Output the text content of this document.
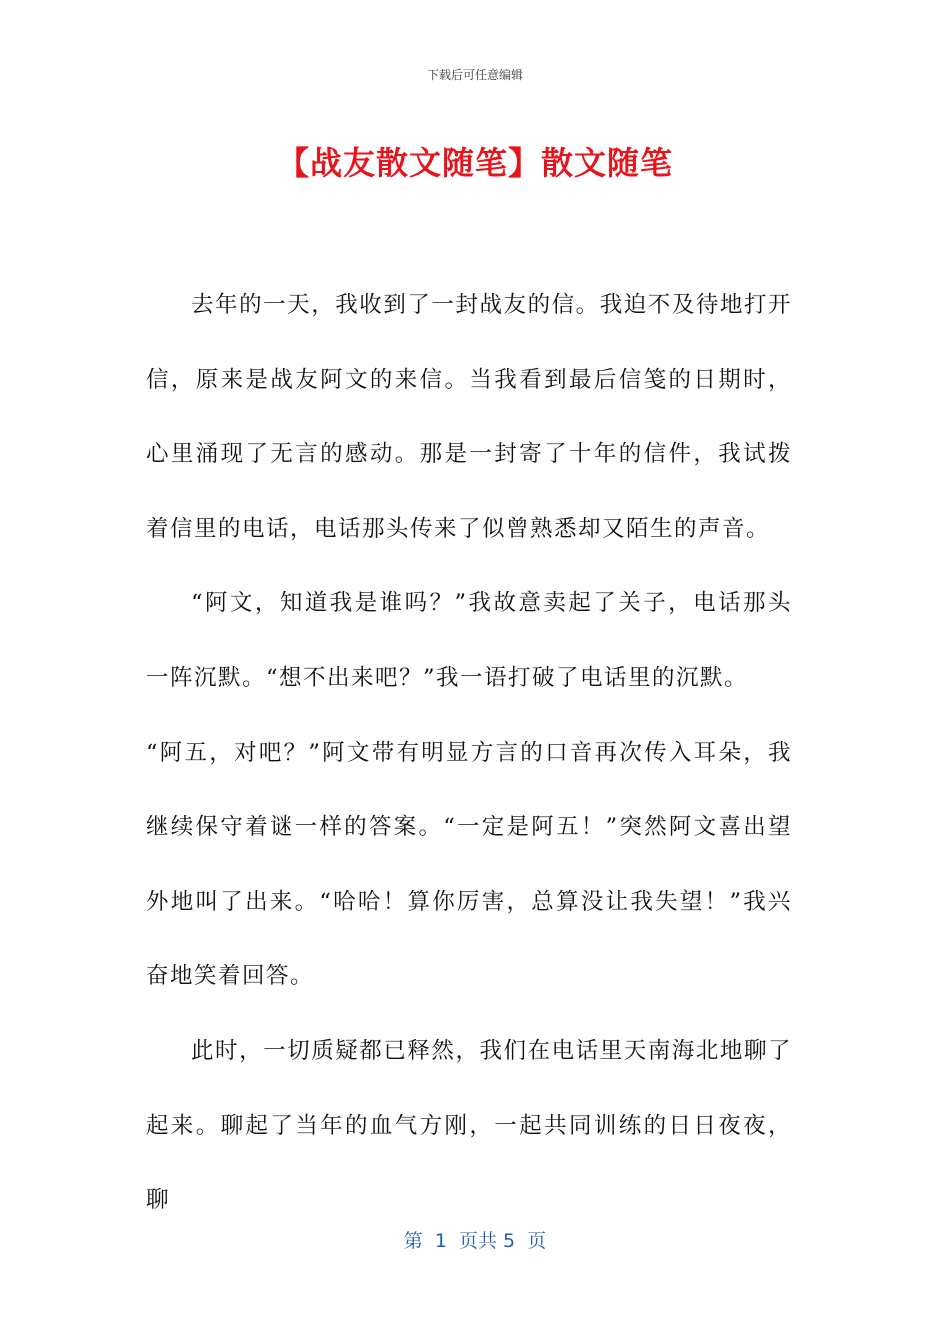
下载后可任意编辑
【战友散文随笔】散文随笔

去年的一天，我收到了一封战友的信。我迫不及待地打开信，原来是战友阿文的来信。当我看到最后信笺的日期时，心里涌现了无言的感动。那是一封寄了十年的信件，我试拨着信里的电话，电话那头传来了似曾熟悉却又陌生的声音。

“阿文，知道我是谁吗？”我故意卖起了关子，电话那头一阵沉默。“想不出来吧？”我一语打破了电话里的沉默。

“阿五，对吧？”阿文带有明显方言的口音再次传入耳朵，我继续保守着谜一样的答案。“一定是阿五！”突然阿文喜出望外地叫了出来。“哈哈！算你厉害，总算没让我失望！”我兴奋地笑着回答。

此时，一切质疑都已释然，我们在电话里天南海北地聊了起来。聊起了当年的血气方刚，一起共同训练的日日夜夜，聊

第  1  页共 5  页
